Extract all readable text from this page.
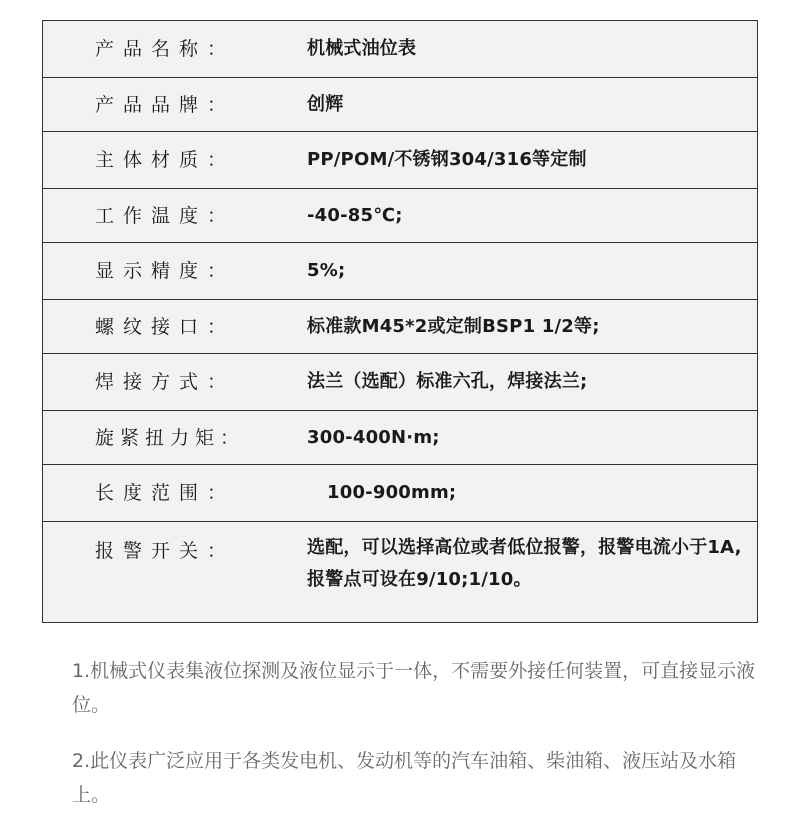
产品名称：	机械式油位表
产品品牌：	创辉
主体材质：	PP/POM/不锈钢304/316等定制
工作温度：	-40-85℃;
显示精度：	5%;
螺纹接口：	标准款M45*2或定制BSP1 1/2等;
焊接方式：	法兰（选配）标准六孔，焊接法兰;
旋紧扭力矩：	300-400N·m;
长度范围：	100-900mm;
报警开关：	选配，可以选择高位或者低位报警，报警电流小于1A, 报警点可设在9/10;1/10。

1.机械式仪表集液位探测及液位显示于一体，不需要外接任何装置，可直接显示液位。

2.此仪表广泛应用于各类发电机、发动机等的汽车油箱、柴油箱、液压站及水箱上。
